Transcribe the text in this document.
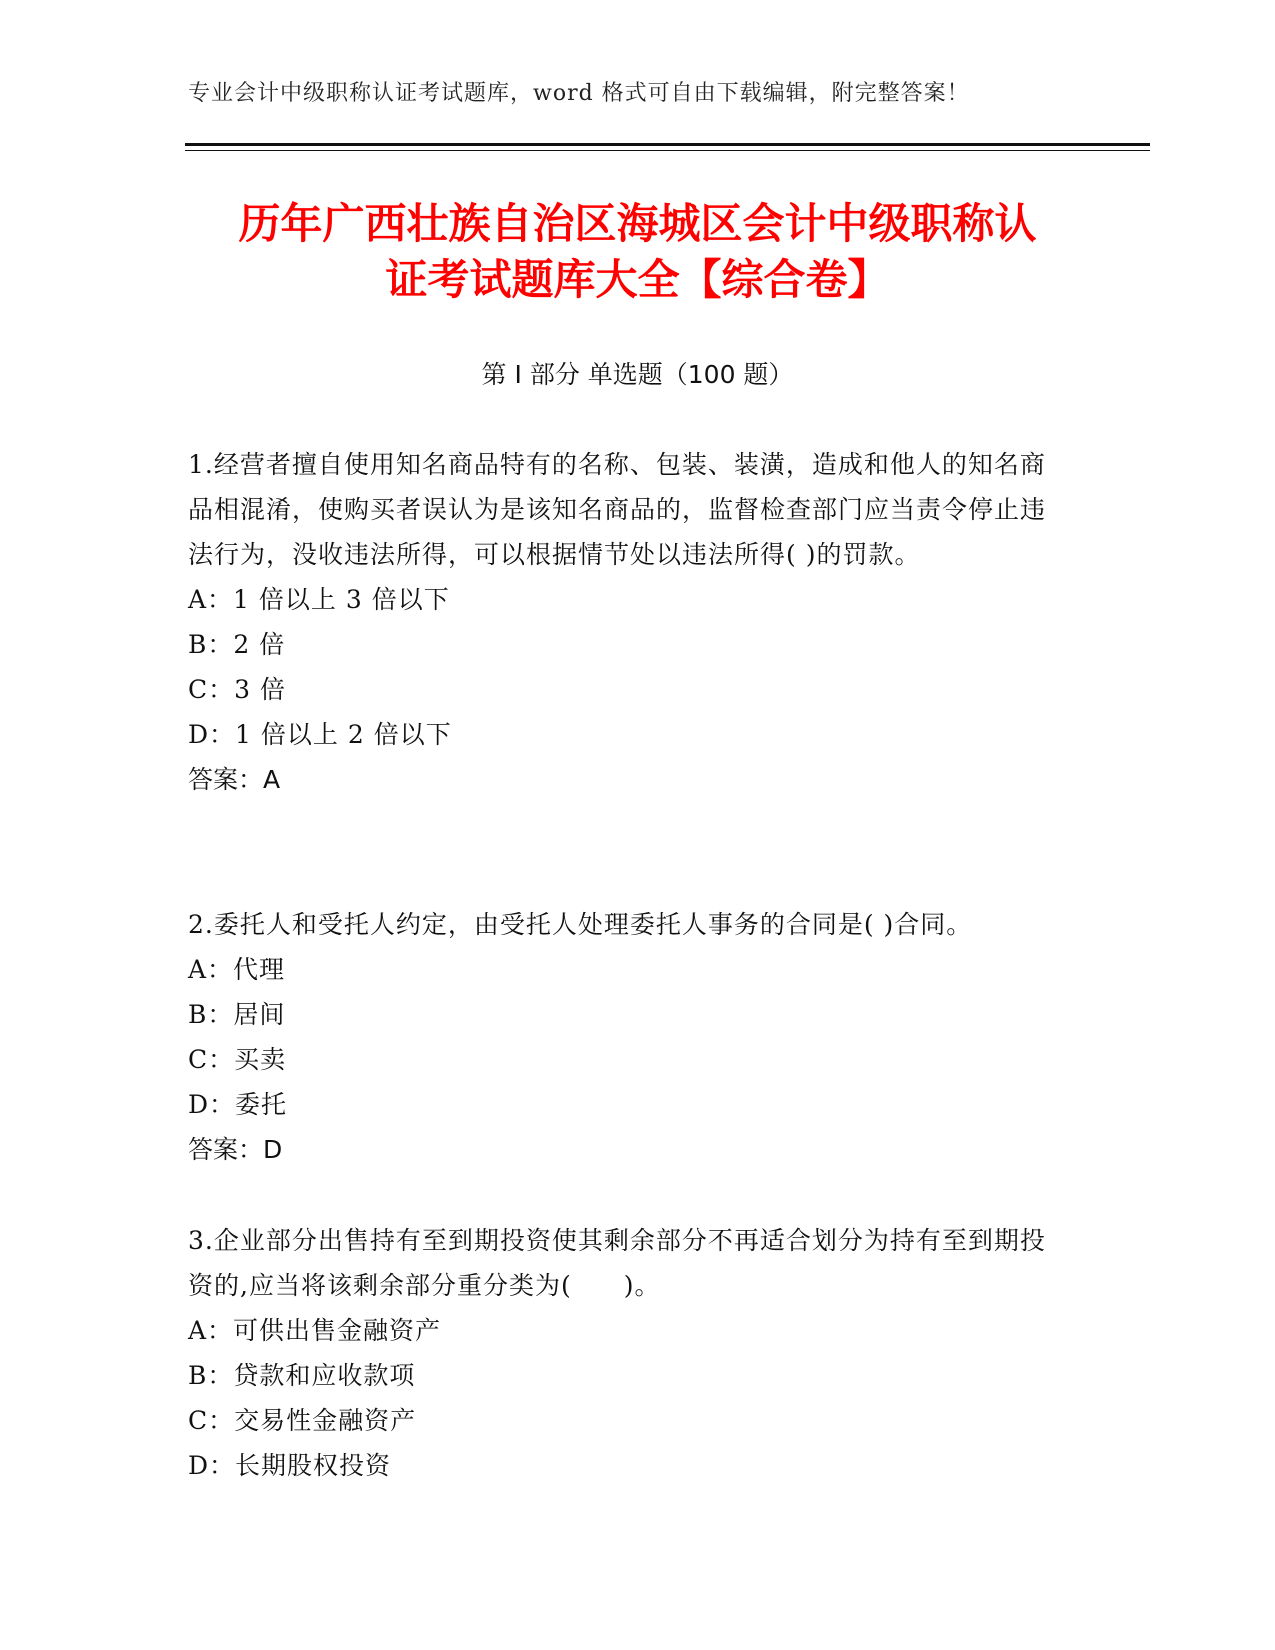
专业会计中级职称认证考试题库，word 格式可自由下载编辑，附完整答案！
历年广西壮族自治区海城区会计中级职称认
证考试题库大全【综合卷】
第 I 部分 单选题（100 题）

1.经营者擅自使用知名商品特有的名称、包装、装潢，造成和他人的知名商品相混淆，使购买者误认为是该知名商品的，监督检查部门应当责令停止违法行为，没收违法所得，可以根据情节处以违法所得( )的罚款。

A：1 倍以上 3 倍以下
B：2 倍
C：3 倍
D：1 倍以上 2 倍以下
答案：A

2.委托人和受托人约定，由受托人处理委托人事务的合同是( )合同。

A：代理
B：居间
C：买卖
D：委托
答案：D

3.企业部分出售持有至到期投资使其剩余部分不再适合划分为持有至到期投资的,应当将该剩余部分重分类为(　　)。

A：可供出售金融资产
B：贷款和应收款项
C：交易性金融资产
D：长期股权投资
